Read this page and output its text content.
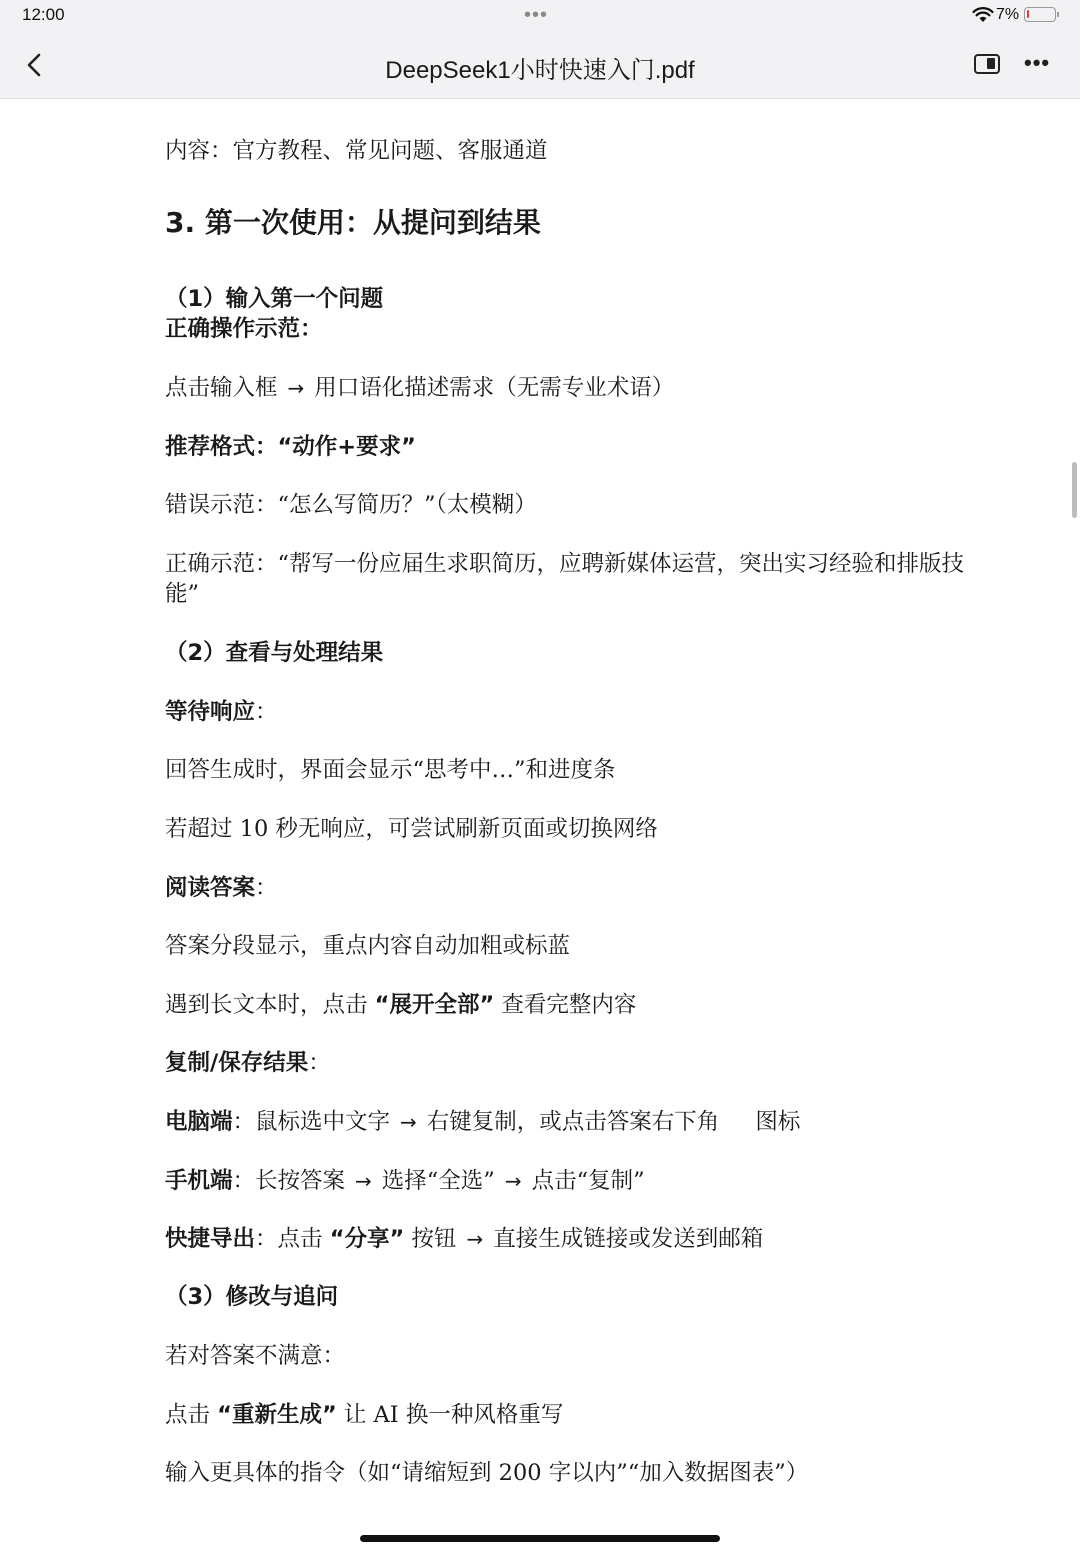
12:00	•••	7%
DeepSeek1小时快速入门.pdf	•••
内容：官方教程、常见问题、客服通道
3. 第一次使用：从提问到结果
（1）输入第一个问题
正确操作示范：
点击输入框 → 用口语化描述需求（无需专业术语）
推荐格式：“动作+要求”
错误示范：“怎么写简历？”（太模糊）
正确示范：“帮写一份应届生求职简历，应聘新媒体运营，突出实习经验和排版技能”
（2）查看与处理结果
等待响应：
回答生成时，界面会显示“思考中…”和进度条
若超过 10 秒无响应，可尝试刷新页面或切换网络
阅读答案：
答案分段显示，重点内容自动加粗或标蓝
遇到长文本时，点击 “展开全部” 查看完整内容
复制/保存结果：
电脑端：鼠标选中文字 → 右键复制，或点击答案右下角 图标
手机端：长按答案 → 选择“全选” → 点击“复制”
快捷导出：点击 “分享” 按钮 → 直接生成链接或发送到邮箱
（3）修改与追问
若对答案不满意：
点击 “重新生成” 让 AI 换一种风格重写
输入更具体的指令（如“请缩短到 200 字以内”“加入数据图表”）
